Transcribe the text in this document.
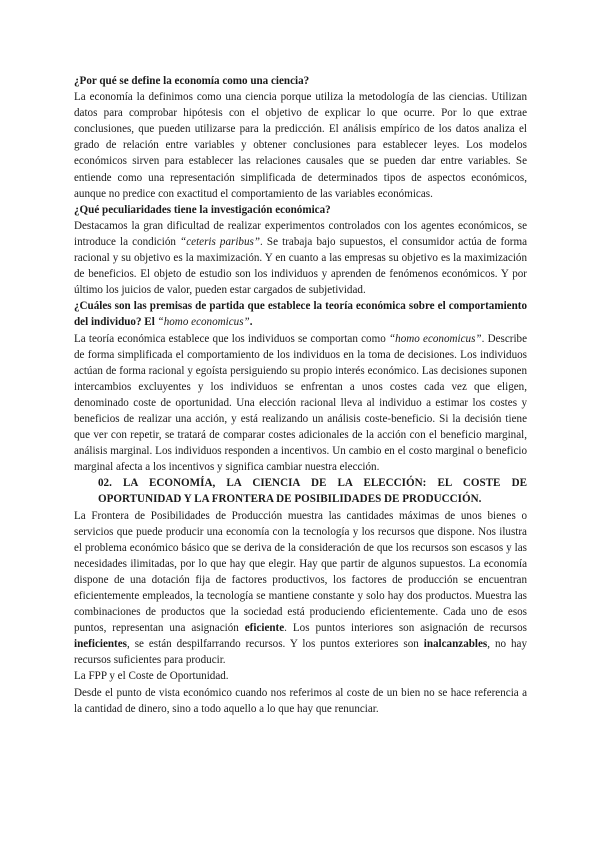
¿Por qué se define la economía como una ciencia?

La economía la definimos como una ciencia porque utiliza la metodología de las ciencias. Utilizan datos para comprobar hipótesis con el objetivo de explicar lo que ocurre. Por lo que extrae conclusiones, que pueden utilizarse para la predicción. El análisis empírico de los datos analiza el grado de relación entre variables y obtener conclusiones para establecer leyes. Los modelos económicos sirven para establecer las relaciones causales que se pueden dar entre variables. Se entiende como una representación simplificada de determinados tipos de aspectos económicos, aunque no predice con exactitud el comportamiento de las variables económicas.

¿Qué peculiaridades tiene la investigación económica?

Destacamos la gran dificultad de realizar experimentos controlados con los agentes económicos, se introduce la condición “ceteris paribus”. Se trabaja bajo supuestos, el consumidor actúa de forma racional y su objetivo es la maximización. Y en cuanto a las empresas su objetivo es la maximización de beneficios. El objeto de estudio son los individuos y aprenden de fenómenos económicos. Y por último los juicios de valor, pueden estar cargados de subjetividad.

¿Cuáles son las premisas de partida que establece la teoría económica sobre el comportamiento del individuo? El “homo economicus”.

La teoría económica establece que los individuos se comportan como “homo economicus”. Describe de forma simplificada el comportamiento de los individuos en la toma de decisiones. Los individuos actúan de forma racional y egoísta persiguiendo su propio interés económico. Las decisiones suponen intercambios excluyentes y los individuos se enfrentan a unos costes cada vez que eligen, denominado coste de oportunidad. Una elección racional lleva al individuo a estimar los costes y beneficios de realizar una acción, y está realizando un análisis coste-beneficio. Si la decisión tiene que ver con repetir, se tratará de comparar costes adicionales de la acción con el beneficio marginal, análisis marginal. Los individuos responden a incentivos. Un cambio en el costo marginal o beneficio marginal afecta a los incentivos y significa cambiar nuestra elección.

02. LA ECONOMÍA, LA CIENCIA DE LA ELECCIÓN: EL COSTE DE OPORTUNIDAD Y LA FRONTERA DE POSIBILIDADES DE PRODUCCIÓN.

La Frontera de Posibilidades de Producción muestra las cantidades máximas de unos bienes o servicios que puede producir una economía con la tecnología y los recursos que dispone. Nos ilustra el problema económico básico que se deriva de la consideración de que los recursos son escasos y las necesidades ilimitadas, por lo que hay que elegir. Hay que partir de algunos supuestos. La economía dispone de una dotación fija de factores productivos, los factores de producción se encuentran eficientemente empleados, la tecnología se mantiene constante y solo hay dos productos. Muestra las combinaciones de productos que la sociedad está produciendo eficientemente. Cada uno de esos puntos, representan una asignación eficiente. Los puntos interiores son asignación de recursos ineficientes, se están despilfarrando recursos. Y los puntos exteriores son inalcanzables, no hay recursos suficientes para producir.

La FPP y el Coste de Oportunidad.

Desde el punto de vista económico cuando nos referimos al coste de un bien no se hace referencia a la cantidad de dinero, sino a todo aquello a lo que hay que renunciar.
